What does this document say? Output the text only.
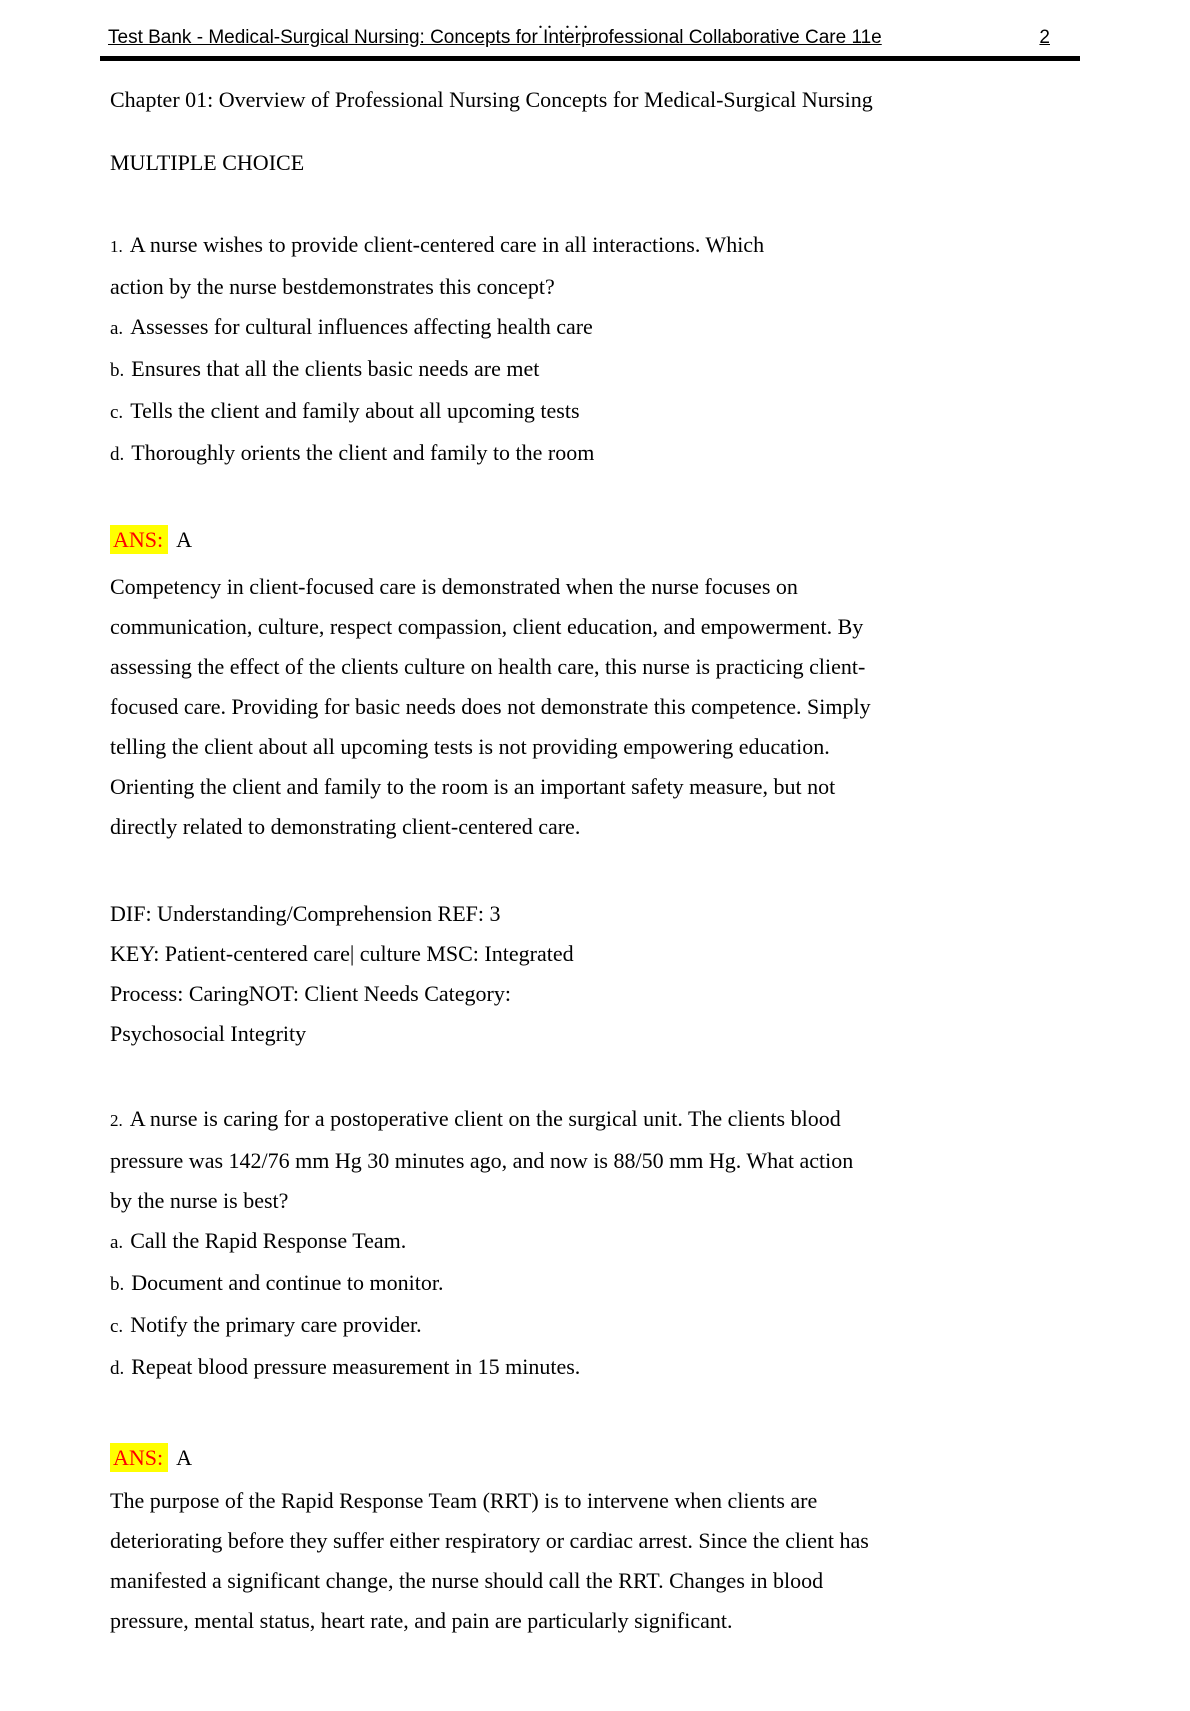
.. ...
Test Bank - Medical-Surgical Nursing: Concepts for Interprofessional Collaborative Care 11e	2
Chapter 01: Overview of Professional Nursing Concepts for Medical-Surgical Nursing
MULTIPLE CHOICE
1. A nurse wishes to provide client-centered care in all interactions. Which
action by the nurse bestdemonstrates this concept?
a. Assesses for cultural influences affecting health care
b. Ensures that all the clients basic needs are met
c. Tells the client and family about all upcoming tests
d. Thoroughly orients the client and family to the room
ANS: A
Competency in client-focused care is demonstrated when the nurse focuses on
communication, culture, respect compassion, client education, and empowerment. By
assessing the effect of the clients culture on health care, this nurse is practicing client-
focused care. Providing for basic needs does not demonstrate this competence. Simply
telling the client about all upcoming tests is not providing empowering education.
Orienting the client and family to the room is an important safety measure, but not
directly related to demonstrating client-centered care.
DIF: Understanding/Comprehension REF: 3
KEY: Patient-centered care| culture MSC: Integrated
Process: CaringNOT: Client Needs Category:
Psychosocial Integrity
2. A nurse is caring for a postoperative client on the surgical unit. The clients blood
pressure was 142/76 mm Hg 30 minutes ago, and now is 88/50 mm Hg. What action
by the nurse is best?
a. Call the Rapid Response Team.
b. Document and continue to monitor.
c. Notify the primary care provider.
d. Repeat blood pressure measurement in 15 minutes.
ANS: A
The purpose of the Rapid Response Team (RRT) is to intervene when clients are
deteriorating before they suffer either respiratory or cardiac arrest. Since the client has
manifested a significant change, the nurse should call the RRT. Changes in blood
pressure, mental status, heart rate, and pain are particularly significant.
